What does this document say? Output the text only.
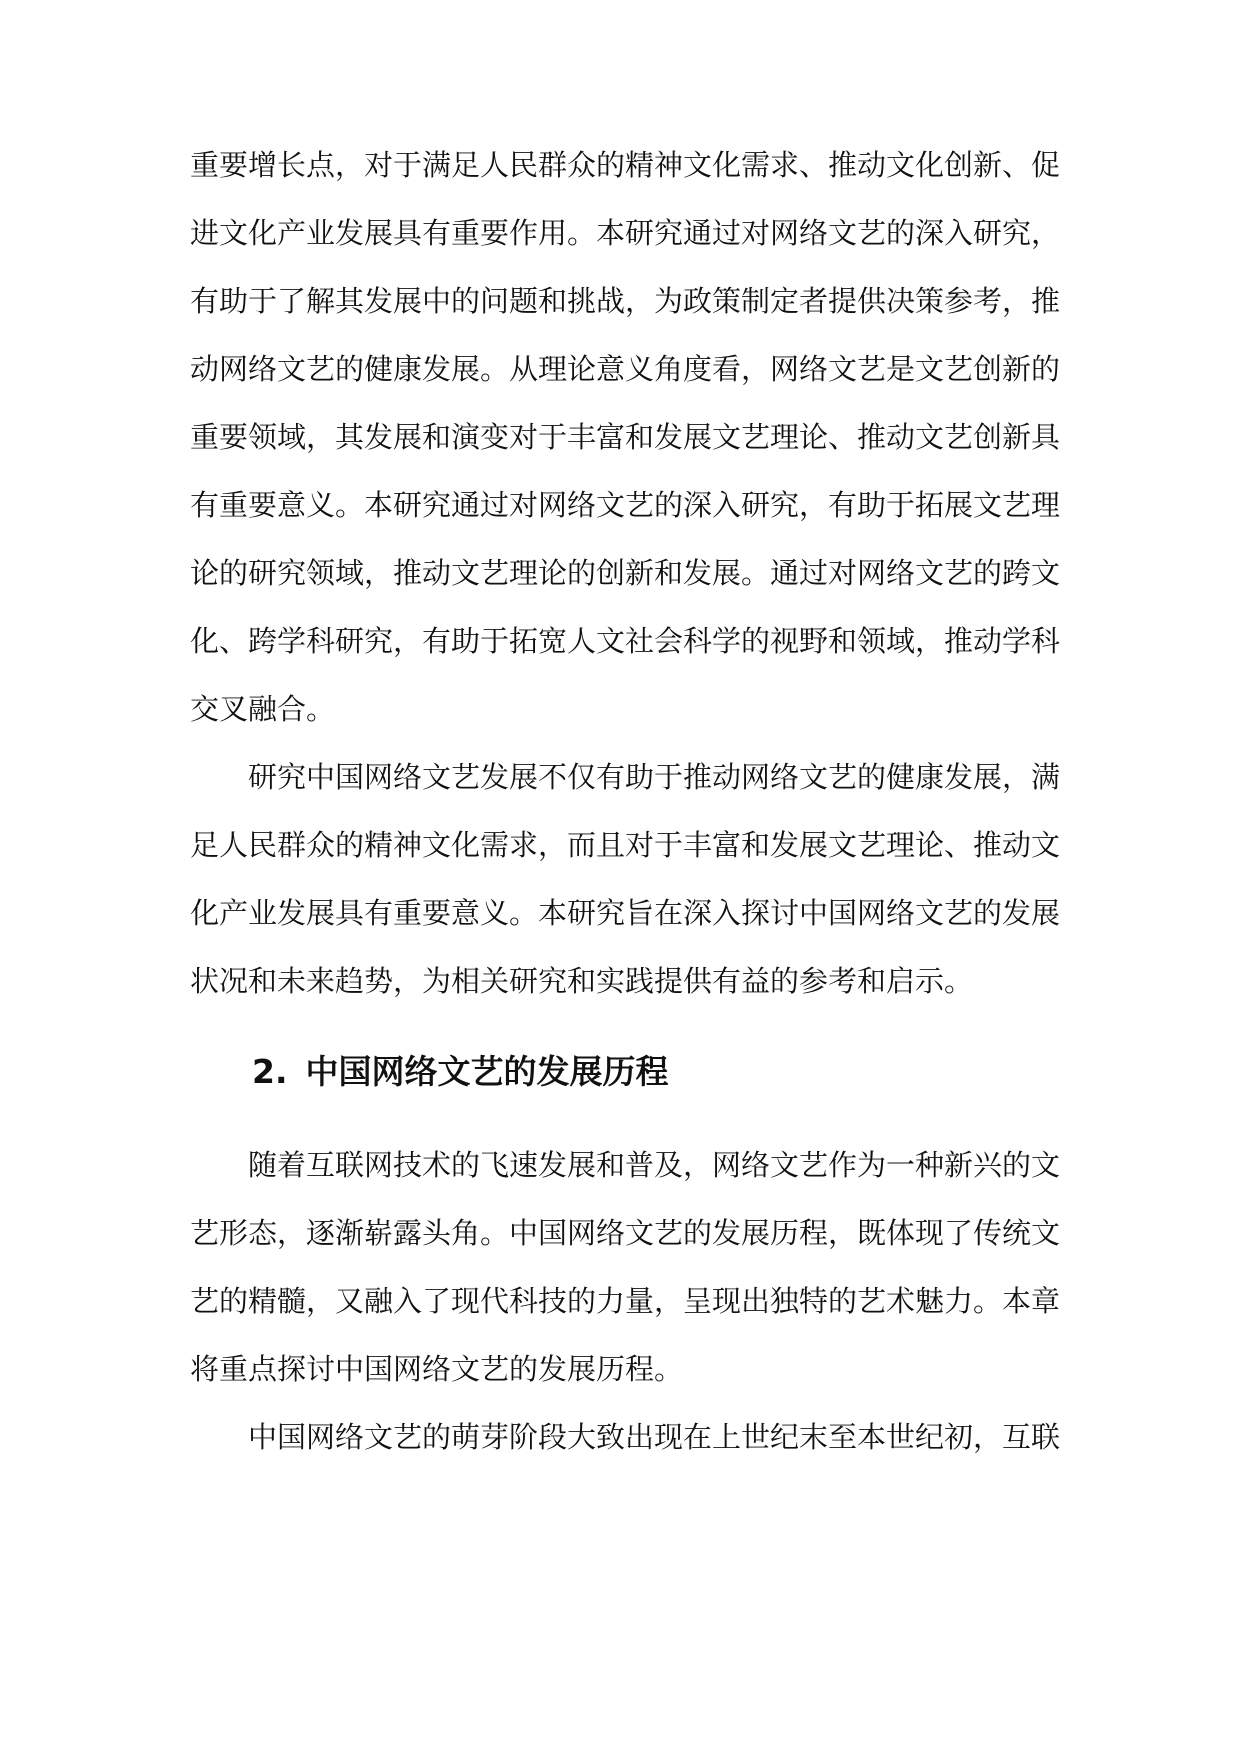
重要增长点，对于满足人民群众的精神文化需求、推动文化创新、促
进文化产业发展具有重要作用。本研究通过对网络文艺的深入研究，
有助于了解其发展中的问题和挑战，为政策制定者提供决策参考，推
动网络文艺的健康发展。从理论意义角度看，网络文艺是文艺创新的
重要领域，其发展和演变对于丰富和发展文艺理论、推动文艺创新具
有重要意义。本研究通过对网络文艺的深入研究，有助于拓展文艺理
论的研究领域，推动文艺理论的创新和发展。通过对网络文艺的跨文
化、跨学科研究，有助于拓宽人文社会科学的视野和领域，推动学科
交叉融合。
研究中国网络文艺发展不仅有助于推动网络文艺的健康发展，满
足人民群众的精神文化需求，而且对于丰富和发展文艺理论、推动文
化产业发展具有重要意义。本研究旨在深入探讨中国网络文艺的发展
状况和未来趋势，为相关研究和实践提供有益的参考和启示。
2. 中国网络文艺的发展历程
随着互联网技术的飞速发展和普及，网络文艺作为一种新兴的文
艺形态，逐渐崭露头角。中国网络文艺的发展历程，既体现了传统文
艺的精髓，又融入了现代科技的力量，呈现出独特的艺术魅力。本章
将重点探讨中国网络文艺的发展历程。
中国网络文艺的萌芽阶段大致出现在上世纪末至本世纪初，互联
